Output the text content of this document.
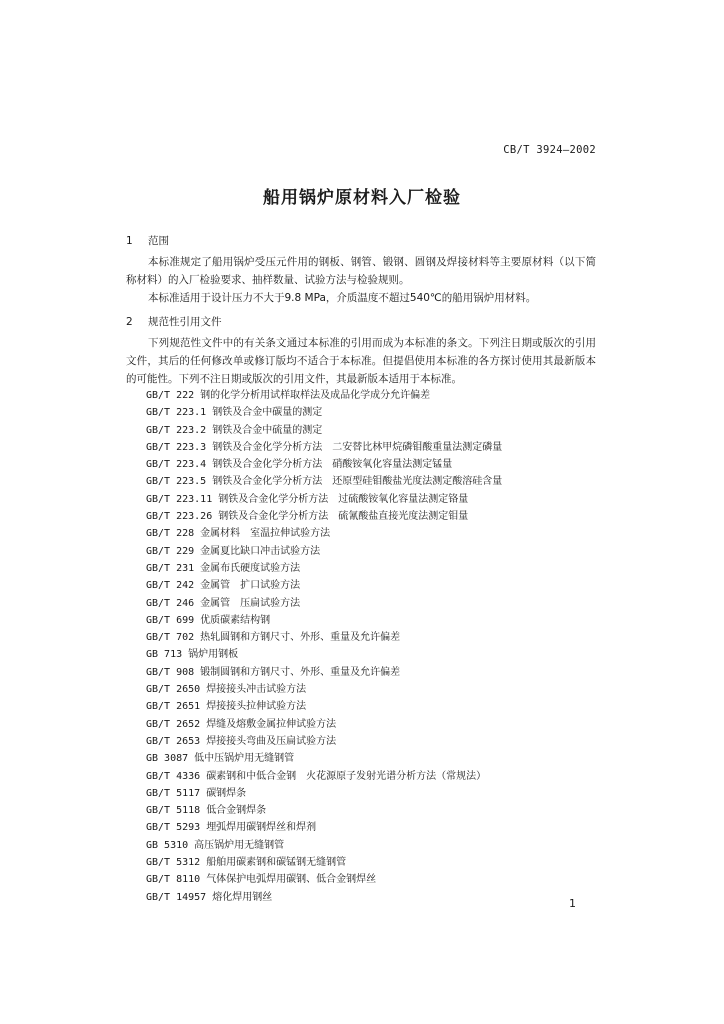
CB/T 3924—2002
船用锅炉原材料入厂检验
1 范围
本标准规定了船用锅炉受压元件用的钢板、钢管、锻钢、圆钢及焊接材料等主要原材料（以下简称材料）的入厂检验要求、抽样数量、试验方法与检验规则。
本标准适用于设计压力不大于9.8 MPa，介质温度不超过540℃的船用锅炉用材料。
2 规范性引用文件
下列规范性文件中的有关条文通过本标准的引用而成为本标准的条文。下列注日期或版次的引用文件，其后的任何修改单或修订版均不适合于本标准。但提倡使用本标准的各方探讨使用其最新版本的可能性。下列不注日期或版次的引用文件，其最新版本适用于本标准。
GB/T 222 钢的化学分析用试样取样法及成品化学成分允许偏差
GB/T 223.1 钢铁及合金中碳量的测定
GB/T 223.2 钢铁及合金中硫量的测定
GB/T 223.3 钢铁及合金化学分析方法　二安替比林甲烷磷钼酸重量法测定磷量
GB/T 223.4 钢铁及合金化学分析方法　硝酸铵氧化容量法测定锰量
GB/T 223.5 钢铁及合金化学分析方法　还原型硅钼酸盐光度法测定酸溶硅含量
GB/T 223.11 钢铁及合金化学分析方法　过硫酸铵氧化容量法测定铬量
GB/T 223.26 钢铁及合金化学分析方法　硫氰酸盐直接光度法测定钼量
GB/T 228 金属材料　室温拉伸试验方法
GB/T 229 金属夏比缺口冲击试验方法
GB/T 231 金属布氏硬度试验方法
GB/T 242 金属管　扩口试验方法
GB/T 246 金属管　压扁试验方法
GB/T 699 优质碳素结构钢
GB/T 702 热轧圆钢和方钢尺寸、外形、重量及允许偏差
GB 713 锅炉用钢板
GB/T 908 锻制圆钢和方钢尺寸、外形、重量及允许偏差
GB/T 2650 焊接接头冲击试验方法
GB/T 2651 焊接接头拉伸试验方法
GB/T 2652 焊缝及熔敷金属拉伸试验方法
GB/T 2653 焊接接头弯曲及压扁试验方法
GB 3087 低中压锅炉用无缝钢管
GB/T 4336 碳素钢和中低合金钢　火花源原子发射光谱分析方法（常规法）
GB/T 5117 碳钢焊条
GB/T 5118 低合金钢焊条
GB/T 5293 埋弧焊用碳钢焊丝和焊剂
GB 5310 高压锅炉用无缝钢管
GB/T 5312 船舶用碳素钢和碳锰钢无缝钢管
GB/T 8110 气体保护电弧焊用碳钢、低合金钢焊丝
GB/T 14957 熔化焊用钢丝	1
